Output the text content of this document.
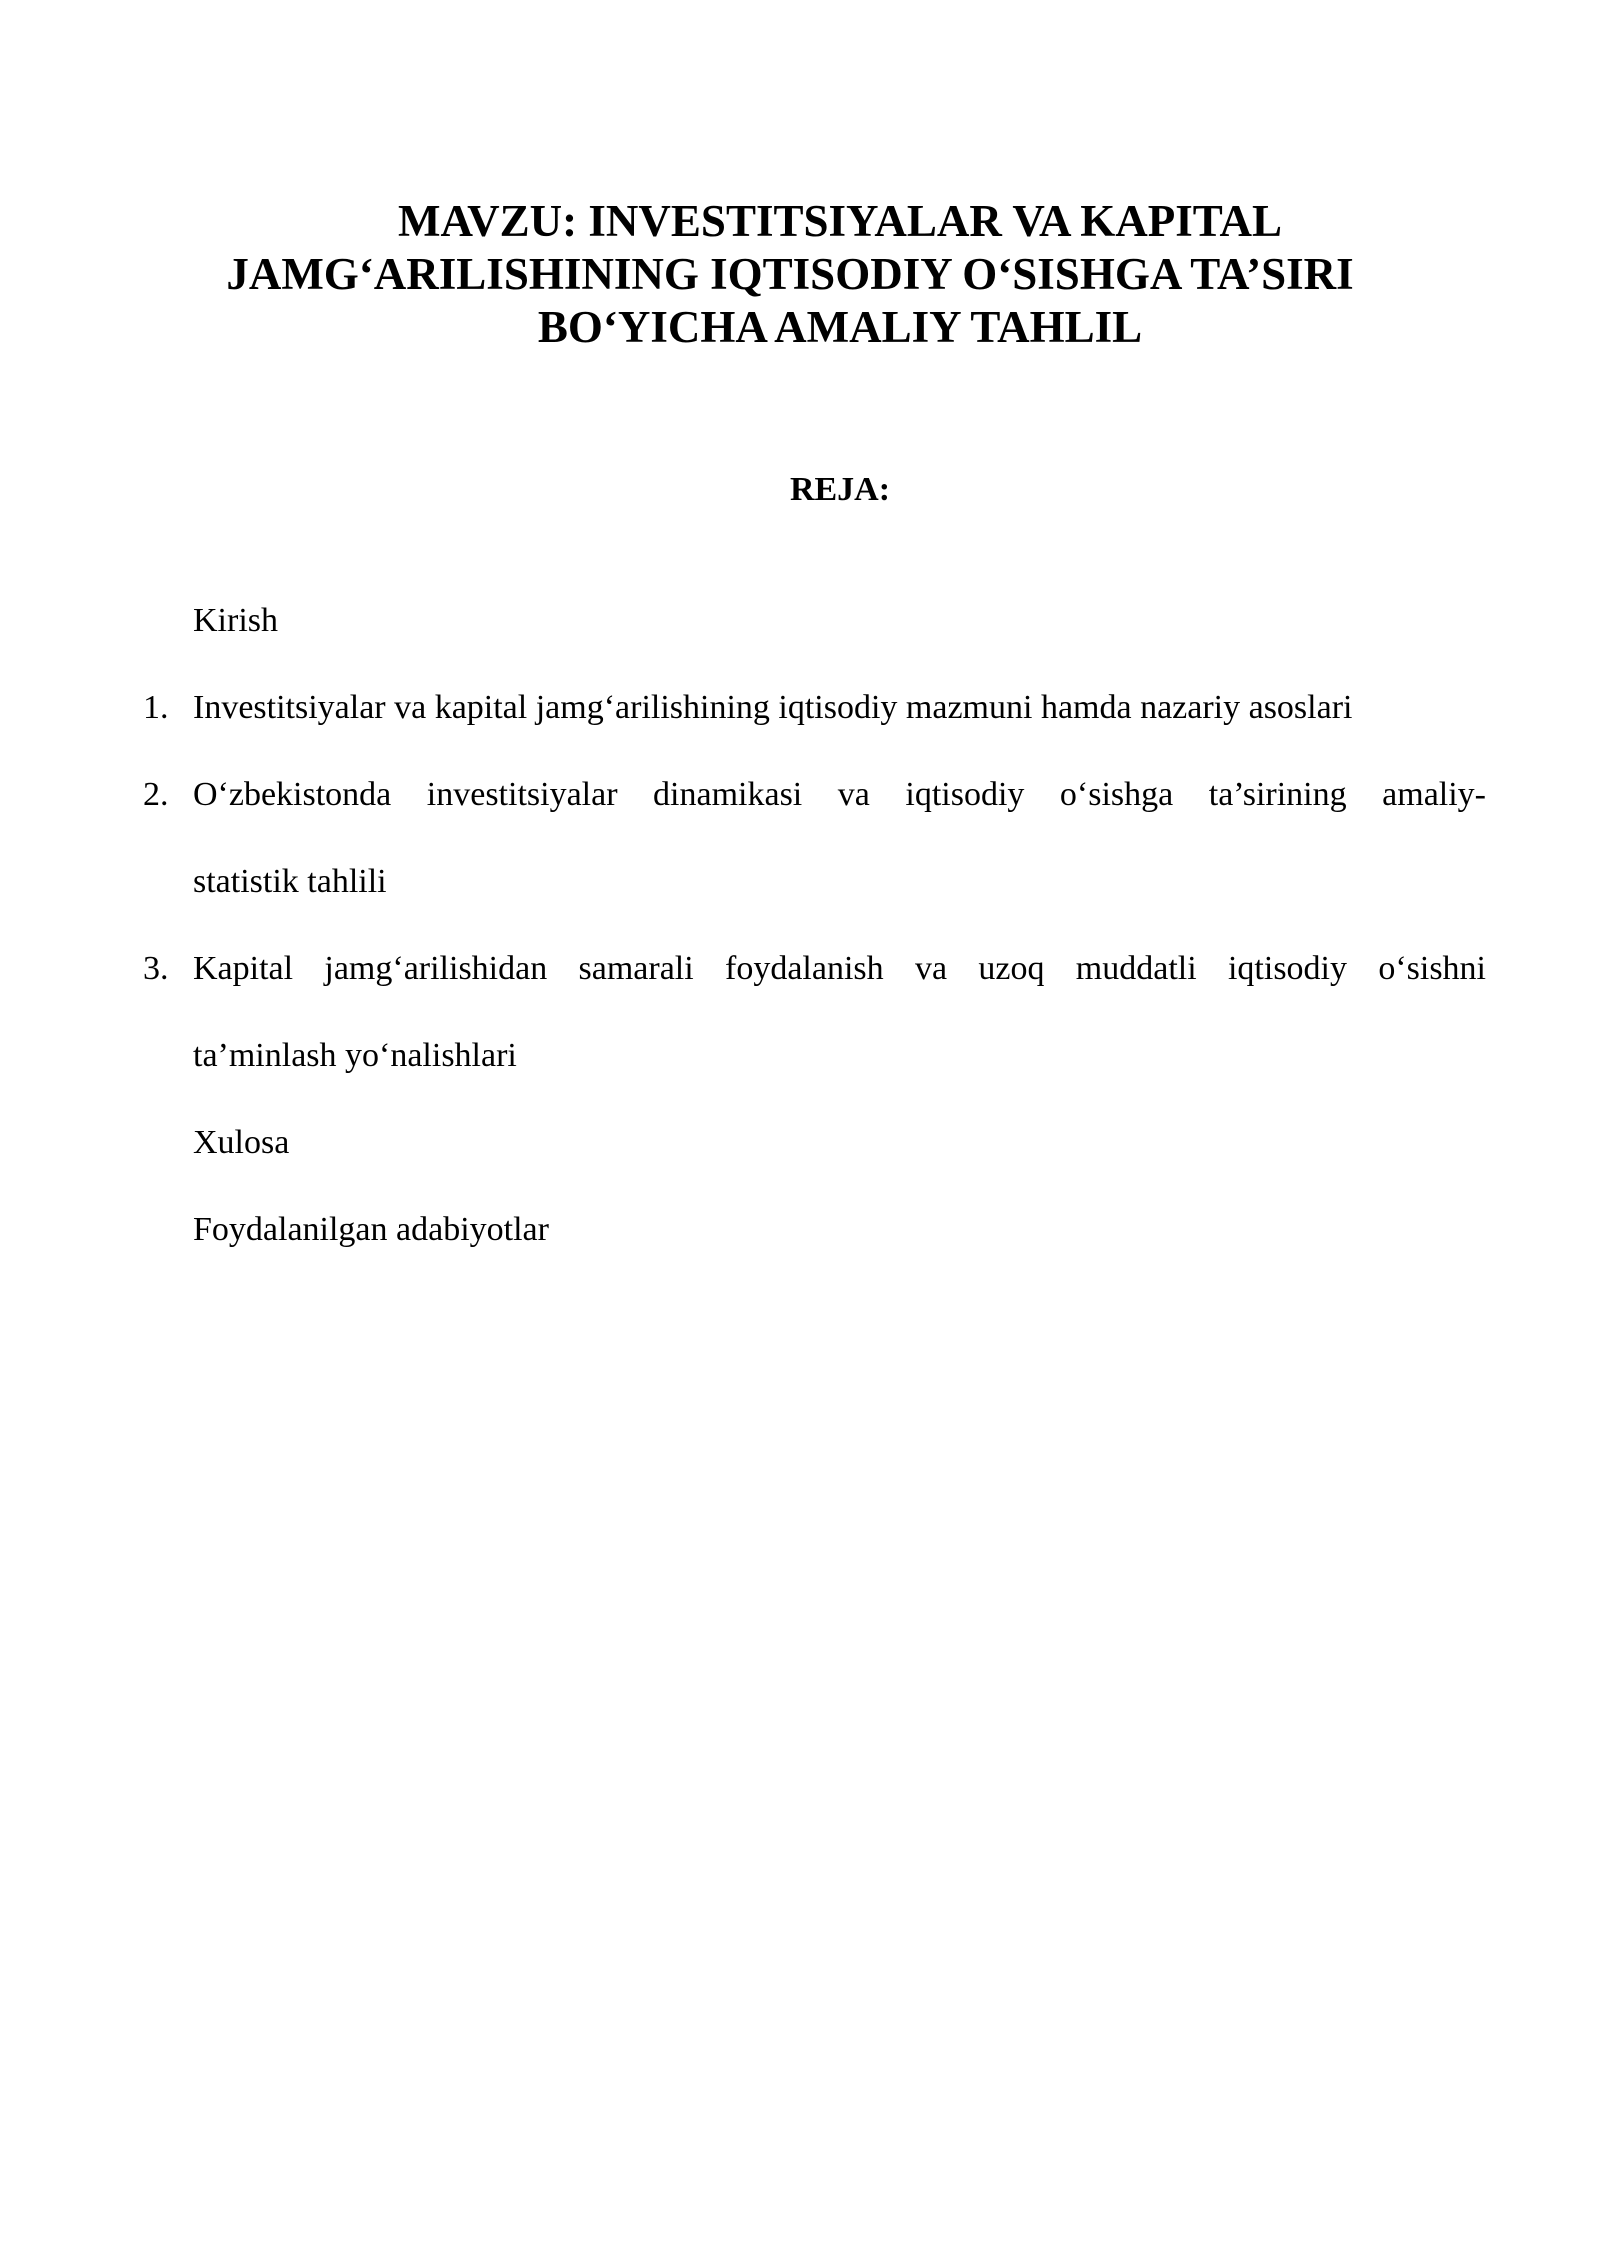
MAVZU: INVESTITSIYALAR VA KAPITAL
JAMG‘ARILISHINING IQTISODIY O‘SISHGA TA’SIRI
BO‘YICHA AMALIY TAHLIL

REJA:

Kirish

1. Investitsiyalar va kapital jamg‘arilishining iqtisodiy mazmuni hamda nazariy asoslari

2. O‘zbekistonda investitsiyalar dinamikasi va iqtisodiy o‘sishga ta’sirining amaliy-

statistik tahlili

3. Kapital jamg‘arilishidan samarali foydalanish va uzoq muddatli iqtisodiy o‘sishni

ta’minlash yo‘nalishlari

Xulosa

Foydalanilgan adabiyotlar
